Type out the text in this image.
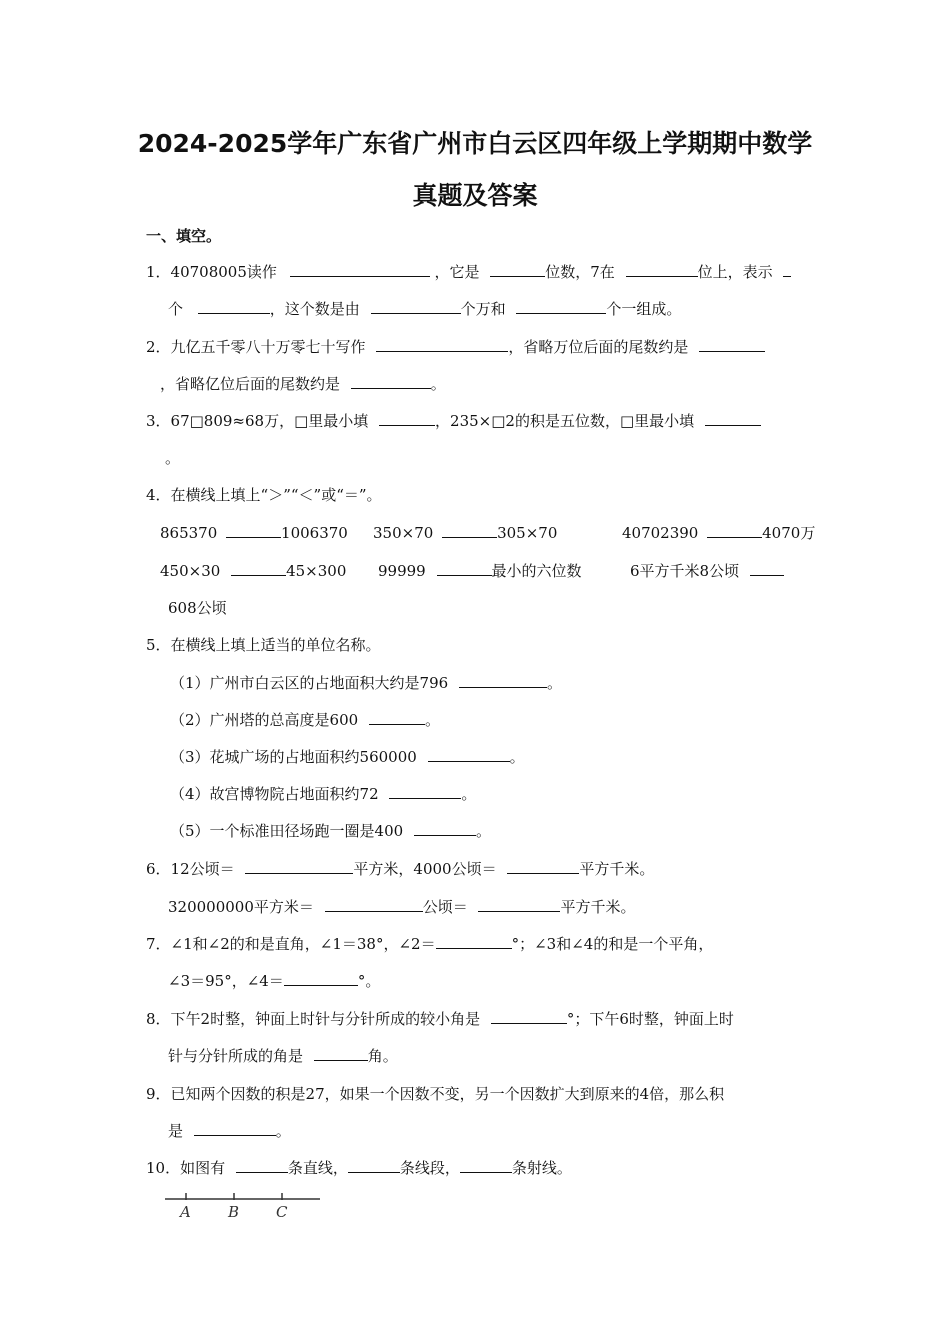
2024-2025学年广东省广州市白云区四年级上学期期中数学
真题及答案
一、填空。
1．40708005读作	，它是	位数，7在	位上，表示
个	，这个数是由	个万和	个一组成。
2．九亿五千零八十万零七十写作	，省略万位后面的尾数约是
，省略亿位后面的尾数约是	。
3．67□809≈68万，□里最小填	，235×□2的积是五位数，□里最小填
。
4．在横线上填上“＞”“＜”或“＝”。
865370	1006370 350×70	305×70	40702390	4070万
450×30	45×300 99999	最小的六位数	6平方千米8公顷
608公顷
5．在横线上填上适当的单位名称。
（1）广州市白云区的占地面积大约是796	。
（2）广州塔的总高度是600	。
（3）花城广场的占地面积约560000	。
（4）故宫博物院占地面积约72	。
（5）一个标准田径场跑一圈是400	。
6．12公顷＝	平方米，4000公顷＝	平方千米。
320000000平方米＝	公顷＝	平方千米。
7．∠1和∠2的和是直角，∠1＝38°，∠2＝	°；∠3和∠4的和是一个平角，
∠3＝95°，∠4＝	°。
8．下午2时整，钟面上时针与分针所成的较小角是	°；下午6时整，钟面上时
针与分针所成的角是	角。
9．已知两个因数的积是27，如果一个因数不变，另一个因数扩大到原来的4倍，那么积
是	。
10．如图有	条直线，	条线段，	条射线。
A B C
